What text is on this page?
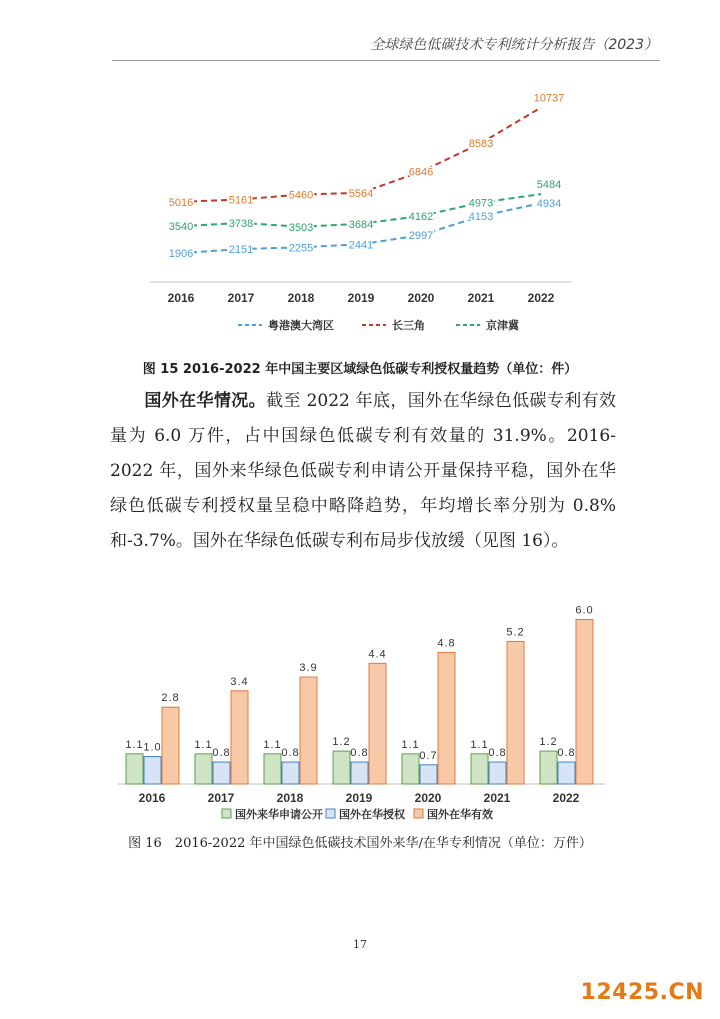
全球绿色低碳技术专利统计分析报告（2023）
1906	2151	2255	2441
2997
4153
4934
5016	5161	5460	5564
6846
8583
10737
3540	3738	3503	3684
4162
4973
5484
2016	2017	2018	2019	2020	2021	2022
粤港澳大湾区	长三角	京津冀
图 15 2016-2022 年中国主要区域绿色低碳专利授权量趋势（单位：件）
国外在华情况。截至 2022 年底，国外在华绿色低碳专利有效量为 6.0 万件，占中国绿色低碳专利有效量的 31.9%。2016-2022 年，国外来华绿色低碳专利申请公开量保持平稳，国外在华绿色低碳专利授权量呈稳中略降趋势，年均增长率分别为 0.8%和-3.7%。国外在华绿色低碳专利布局步伐放缓（见图 16）。
1.1 1.0
2.8
1.1
0.8
3.4
1.1
0.8
3.9
1.2
0.8
4.4
1.1
0.7
4.8
1.1
0.8
5.2
1.2
0.8
6.0
2016	2017	2018	2019	2020	2021	2022
国外来华申请公开 国外在华授权 国外在华有效
图 16　2016-2022 年中国绿色低碳技术国外来华/在华专利情况（单位：万件）
17
12425.CN
